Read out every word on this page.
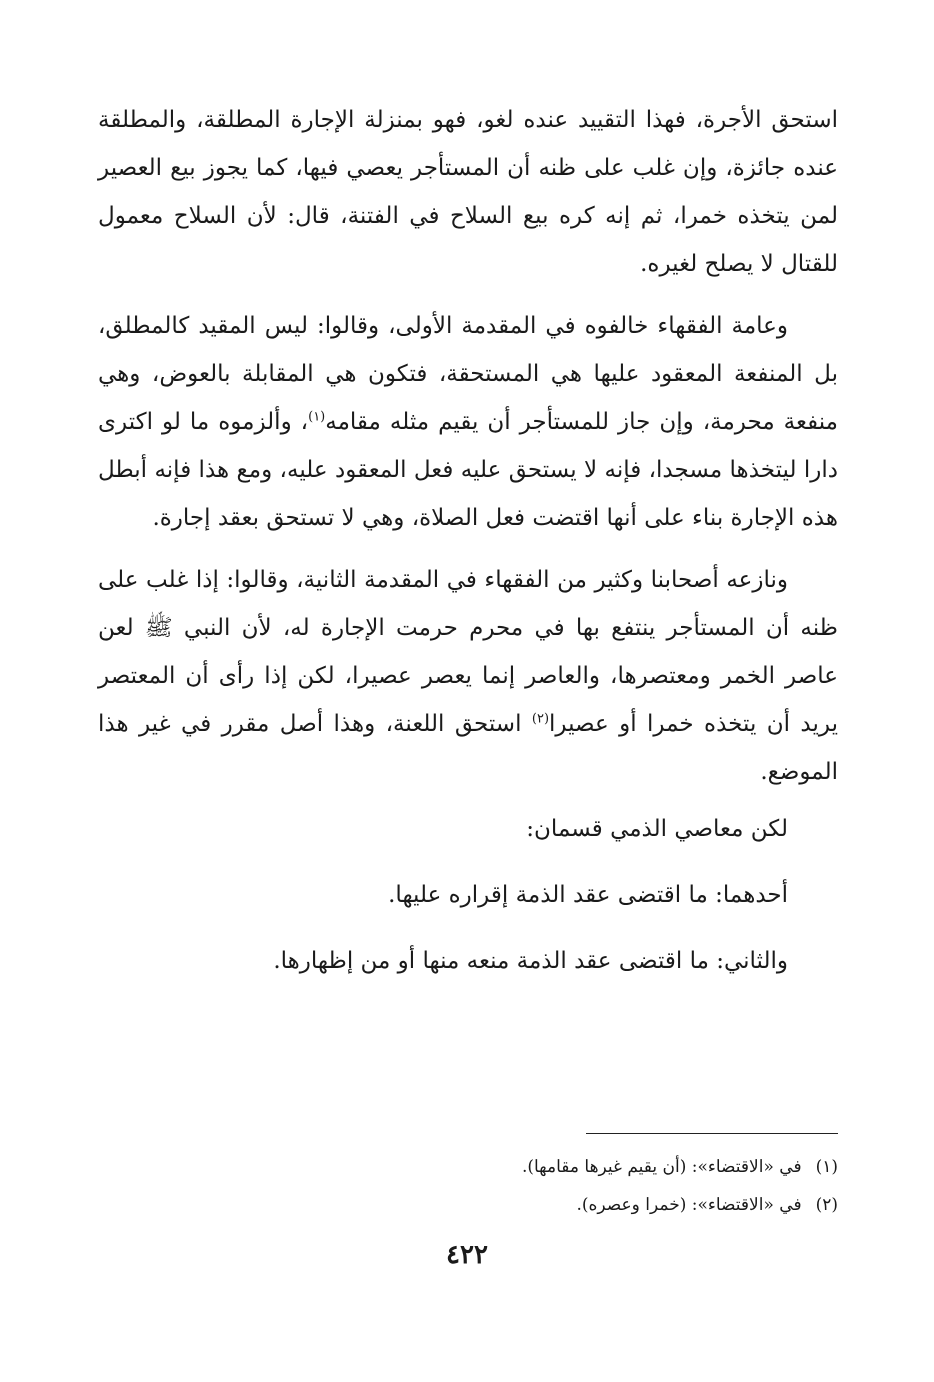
استحق الأجرة، فهذا التقييد عنده لغو، فهو بمنزلة الإجارة المطلقة، والمطلقة عنده جائزة، وإن غلب على ظنه أن المستأجر يعصي فيها، كما يجوز بيع العصير لمن يتخذه خمرا، ثم إنه كره بيع السلاح في الفتنة، قال: لأن السلاح معمول للقتال لا يصلح لغيره.

وعامة الفقهاء خالفوه في المقدمة الأولى، وقالوا: ليس المقيد كالمطلق، بل المنفعة المعقود عليها هي المستحقة، فتكون هي المقابلة بالعوض، وهي منفعة محرمة، وإن جاز للمستأجر أن يقيم مثله مقامه$^{(١)}$، وألزموه ما لو اكترى دارا ليتخذها مسجدا، فإنه لا يستحق عليه فعل المعقود عليه، ومع هذا فإنه أبطل هذه الإجارة بناء على أنها اقتضت فعل الصلاة، وهي لا تستحق بعقد إجارة.

ونازعه أصحابنا وكثير من الفقهاء في المقدمة الثانية، وقالوا: إذا غلب على ظنه أن المستأجر ينتفع بها في محرم حرمت الإجارة له، لأن النبي ﷺ لعن عاصر الخمر ومعتصرها، والعاصر إنما يعصر عصيرا، لكن إذا رأى أن المعتصر يريد أن يتخذه خمرا أو عصيرا$^{(٢)}$ استحق اللعنة، وهذا أصل مقرر في غير هذا الموضع.

لكن معاصي الذمي قسمان:
أحدهما: ما اقتضى عقد الذمة إقراره عليها.
والثاني: ما اقتضى عقد الذمة منعه منها أو من إظهارها.
(١)في «الاقتضاء»: (أن يقيم غيرها مقامها).
(٢)في «الاقتضاء»: (خمرا وعصره).
٤٢٢
